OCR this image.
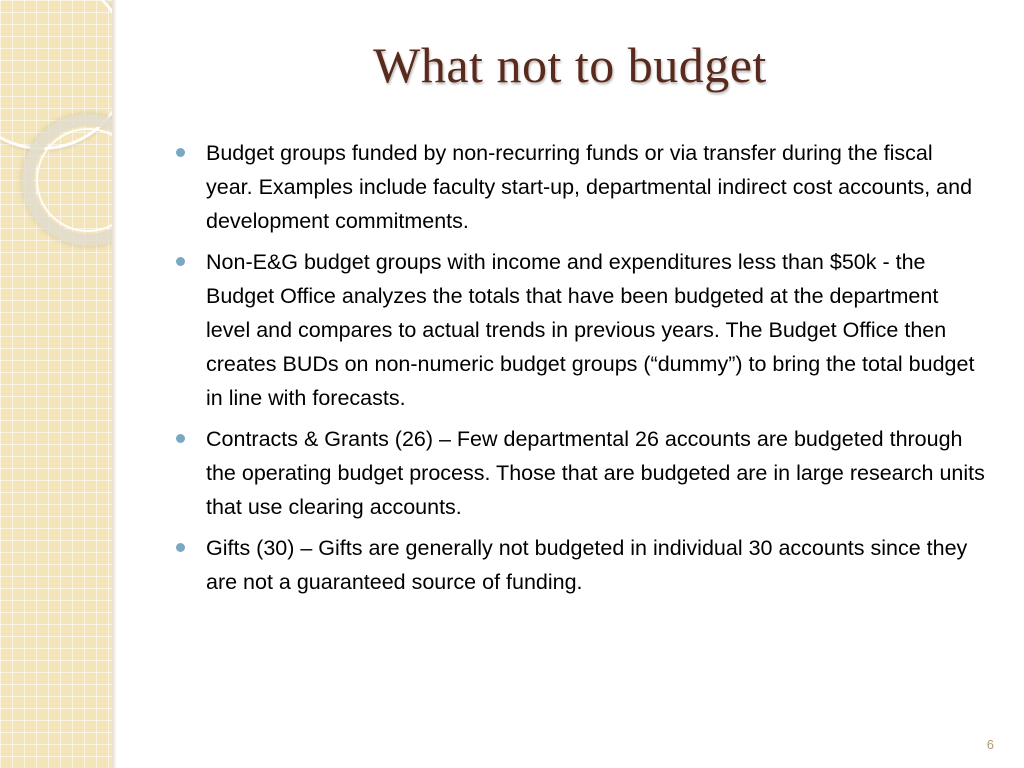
What not to budget
Budget groups funded by non-recurring funds or via transfer during the fiscal year. Examples include faculty start-up, departmental indirect cost accounts, and development commitments.
Non-E&G budget groups with income and expenditures less than $50k - the Budget Office analyzes the totals that have been budgeted at the department level and compares to actual trends in previous years. The Budget Office then creates BUDs on non-numeric budget groups (“dummy”) to bring the total budget in line with forecasts.
Contracts & Grants (26) – Few departmental 26 accounts are budgeted through the operating budget process. Those that are budgeted are in large research units that use clearing accounts.
Gifts (30) – Gifts are generally not budgeted in individual 30 accounts since they are not a guaranteed source of funding.
6
